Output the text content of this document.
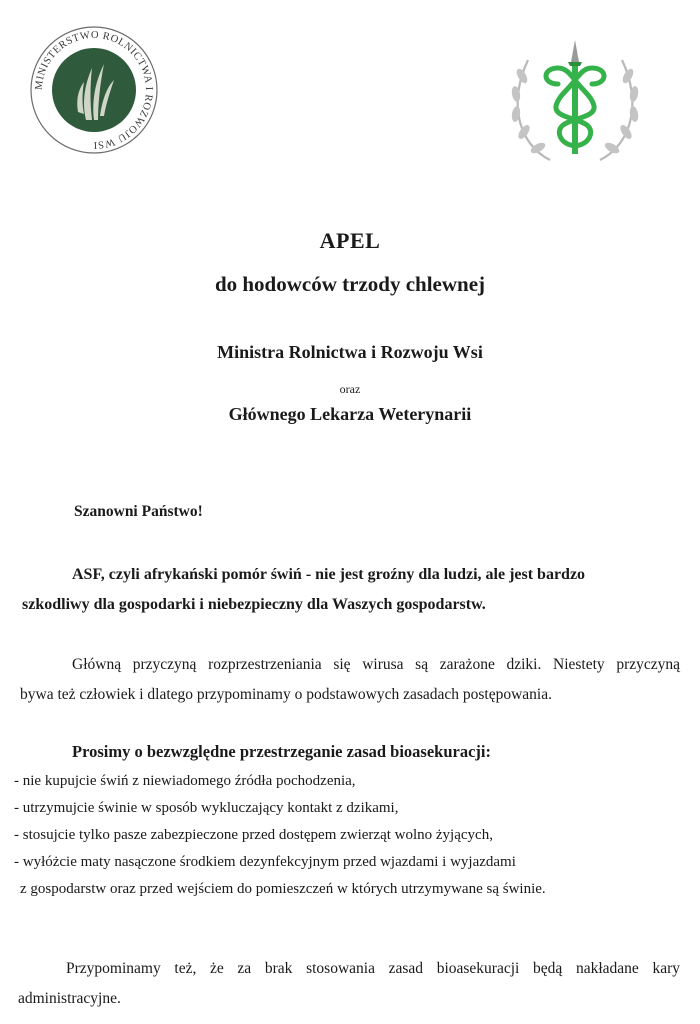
MINISTERSTWO ROLNICTWA I ROZWOJU WSI
APEL
do hodowców trzody chlewnej
Ministra Rolnictwa i Rozwoju Wsi
oraz
Głównego Lekarza Weterynarii
Szanowni Państwo!
ASF, czyli afrykański pomór świń - nie jest groźny dla ludzi, ale jest bardzo
szkodliwy dla gospodarki i niebezpieczny dla Waszych gospodarstw.
Główną przyczyną rozprzestrzeniania się wirusa są zarażone dziki. Niestety przyczyną
bywa też człowiek i dlatego przypominamy o podstawowych zasadach postępowania.
Prosimy o bezwzględne przestrzeganie zasad bioasekuracji:
- nie kupujcie świń z niewiadomego źródła pochodzenia,
- utrzymujcie świnie w sposób wykluczający kontakt z dzikami,
- stosujcie tylko pasze zabezpieczone przed dostępem zwierząt wolno żyjących,
- wyłóżcie maty nasączone środkiem dezynfekcyjnym przed wjazdami i wyjazdami
z gospodarstw oraz przed wejściem do pomieszczeń w których utrzymywane są świnie.
Przypominamy też, że za brak stosowania zasad bioasekuracji będą nakładane kary
administracyjne.
